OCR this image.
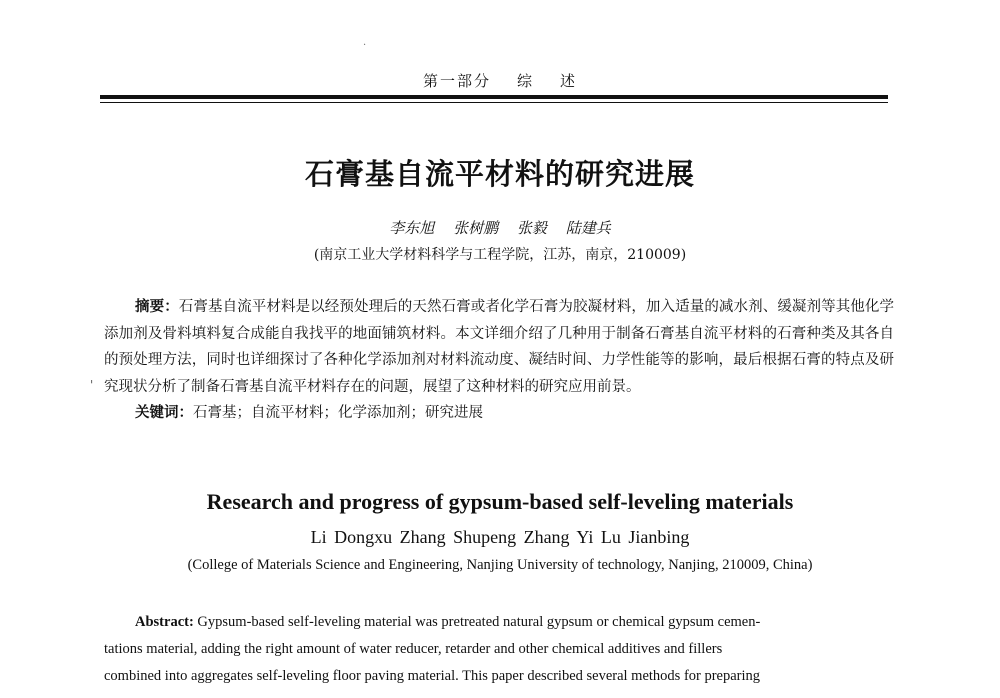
·
'
第一部分 综 述
石膏基自流平材料的研究进展
李东旭 张树鹏 张毅 陆建兵
(南京工业大学材料科学与工程学院，江苏，南京，210009)

摘要：石膏基自流平材料是以经预处理后的天然石膏或者化学石膏为胶凝材料，加入适量的减水剂、缓凝剂等其他化学添加剂及骨料填料复合成能自我找平的地面铺筑材料。本文详细介绍了几种用于制备石膏基自流平材料的石膏种类及其各自的预处理方法，同时也详细探讨了各种化学添加剂对材料流动度、凝结时间、力学性能等的影响，最后根据石膏的特点及研究现状分析了制备石膏基自流平材料存在的问题，展望了这种材料的研究应用前景。

关键词：石膏基；自流平材料；化学添加剂；研究进展

Research and progress of gypsum-based self-leveling materials
Li Dongxu Zhang Shupeng Zhang Yi Lu Jianbing
(College of Materials Science and Engineering, Nanjing University of technology, Nanjing, 210009, China)

Abstract: Gypsum-based self-leveling material was pretreated natural gypsum or chemical gypsum cemen-

tations material, adding the right amount of water reducer, retarder and other chemical additives and fillers

combined into aggregates self-leveling floor paving material. This paper described several methods for preparing
